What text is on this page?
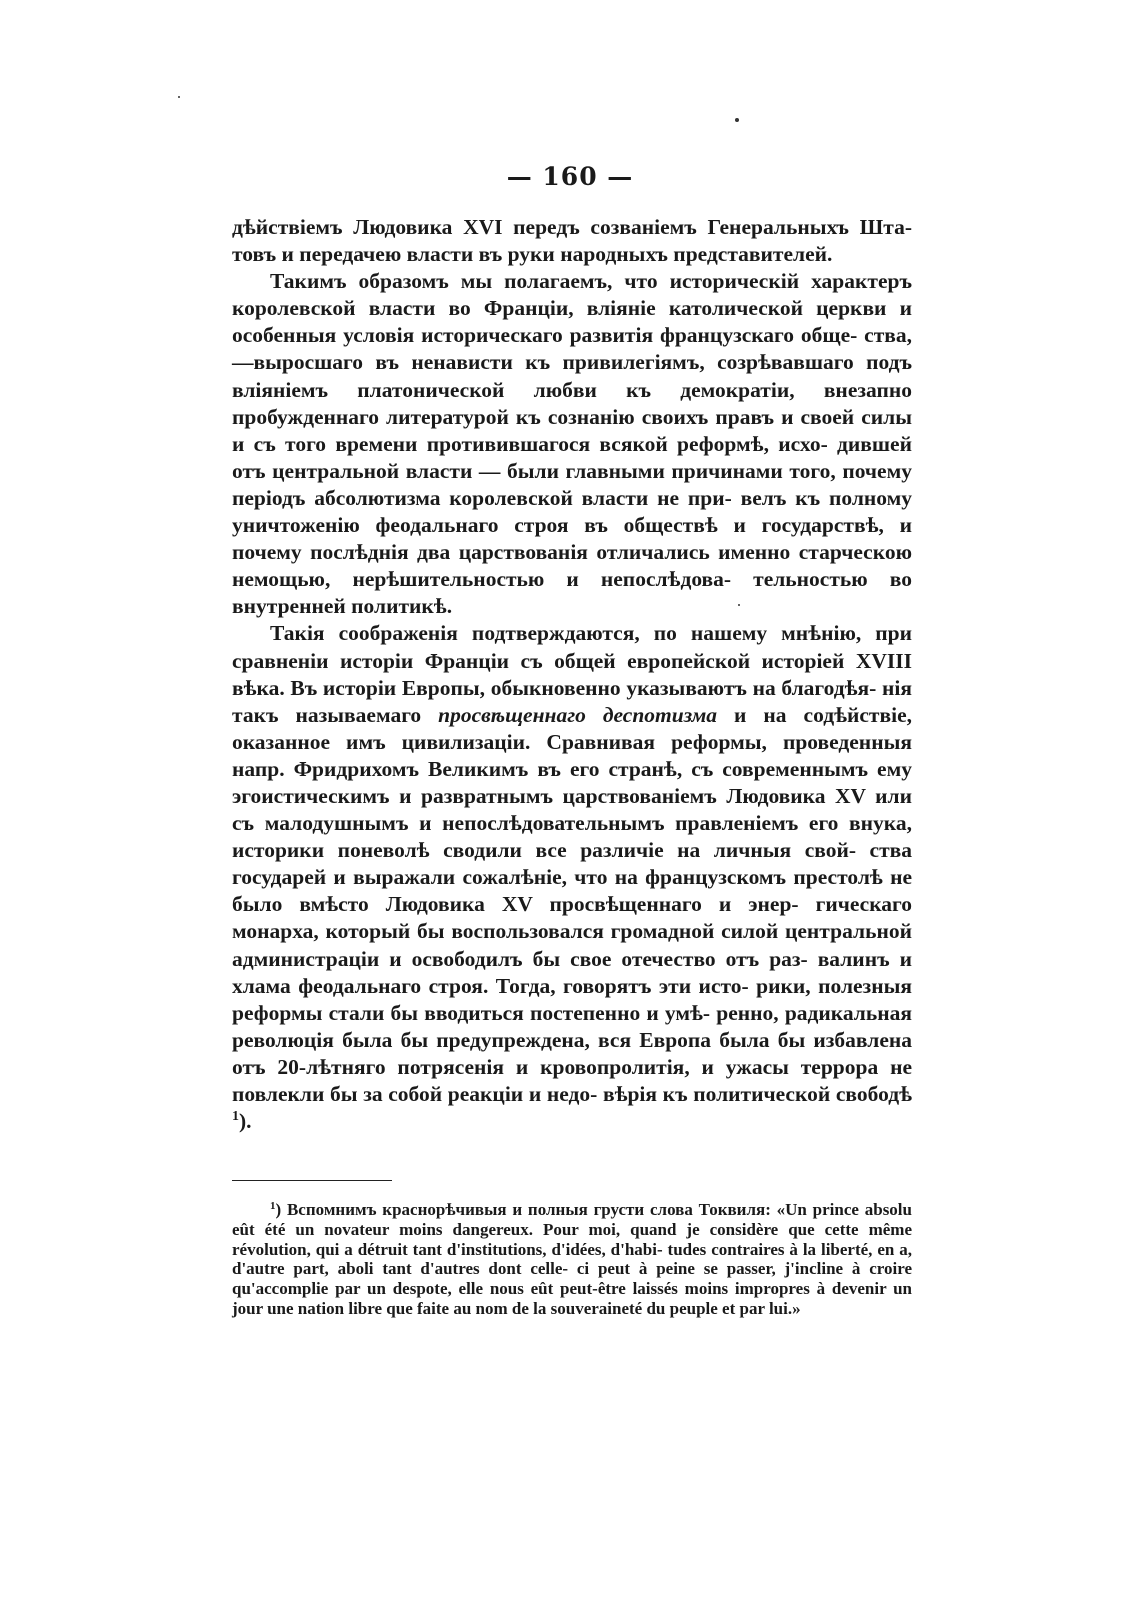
— 160 —

дѣйствіемъ Людовика XVI передъ созваніемъ Генеральныхъ Шта- товъ и передачею власти въ руки народныхъ представителей.

Такимъ образомъ мы полагаемъ, что историческій характеръ королевской власти во Франціи, вліяніе католической церкви и особенныя условія историческаго развитія французскаго обще- ства, —выросшаго въ ненависти къ привилегіямъ, созрѣвавшаго подъ вліяніемъ платонической любви къ демократіи, внезапно пробужденнаго литературой къ сознанію своихъ правъ и своей силы и съ того времени противившагося всякой реформѣ, исхо- дившей отъ центральной власти — были главными причинами того, почему періодъ абсолютизма королевской власти не при- велъ къ полному уничтоженію феодальнаго строя въ обществѣ и государствѣ, и почему послѣднія два царствованія отличались именно старческою немощью, нерѣшительностью и непослѣдова- тельностью во внутренней политикѣ.

Такія соображенія подтверждаются, по нашему мнѣнію, при сравненіи исторіи Франціи съ общей европейской исторіей XVIII вѣка. Въ исторіи Европы, обыкновенно указываютъ на благодѣя- нія такъ называемаго просвѣщеннаго деспотизма и на содѣйствіе, оказанное имъ цивилизаціи. Сравнивая реформы, проведенныя напр. Фридрихомъ Великимъ въ его странѣ, съ современнымъ ему эгоистическимъ и развратнымъ царствованіемъ Людовика XV или съ малодушнымъ и непослѣдовательнымъ правленіемъ его внука, историки поневолѣ сводили все различіе на личныя свой- ства государей и выражали сожалѣніе, что на французскомъ престолѣ не было вмѣсто Людовика XV просвѣщеннаго и энер- гическаго монарха, который бы воспользовался громадной силой центральной администраціи и освободилъ бы свое отечество отъ раз- валинъ и хлама феодальнаго строя. Тогда, говорятъ эти исто- рики, полезныя реформы стали бы вводиться постепенно и умѣ- ренно, радикальная революція была бы предупреждена, вся Европа была бы избавлена отъ 20-лѣтняго потрясенія и кровопролитія, и ужасы террора не повлекли бы за собой реакціи и недо- вѣрія къ политической свободѣ $^1$).

$^1$) Вспомнимъ краснорѣчивыя и полныя грусти слова Токвиля: «Un prince absolu eût été un novateur moins dangereux. Pour moi, quand je considère que cette même révolution, qui a détruit tant d'institutions, d'idées, d'habi- tudes contraires à la liberté, en a, d'autre part, aboli tant d'autres dont celle- ci peut à peine se passer, j'incline à croire qu'accomplie par un despote, elle nous eût peut-être laissés moins impropres à devenir un jour une nation libre que faite au nom de la souveraineté du peuple et par lui.»
